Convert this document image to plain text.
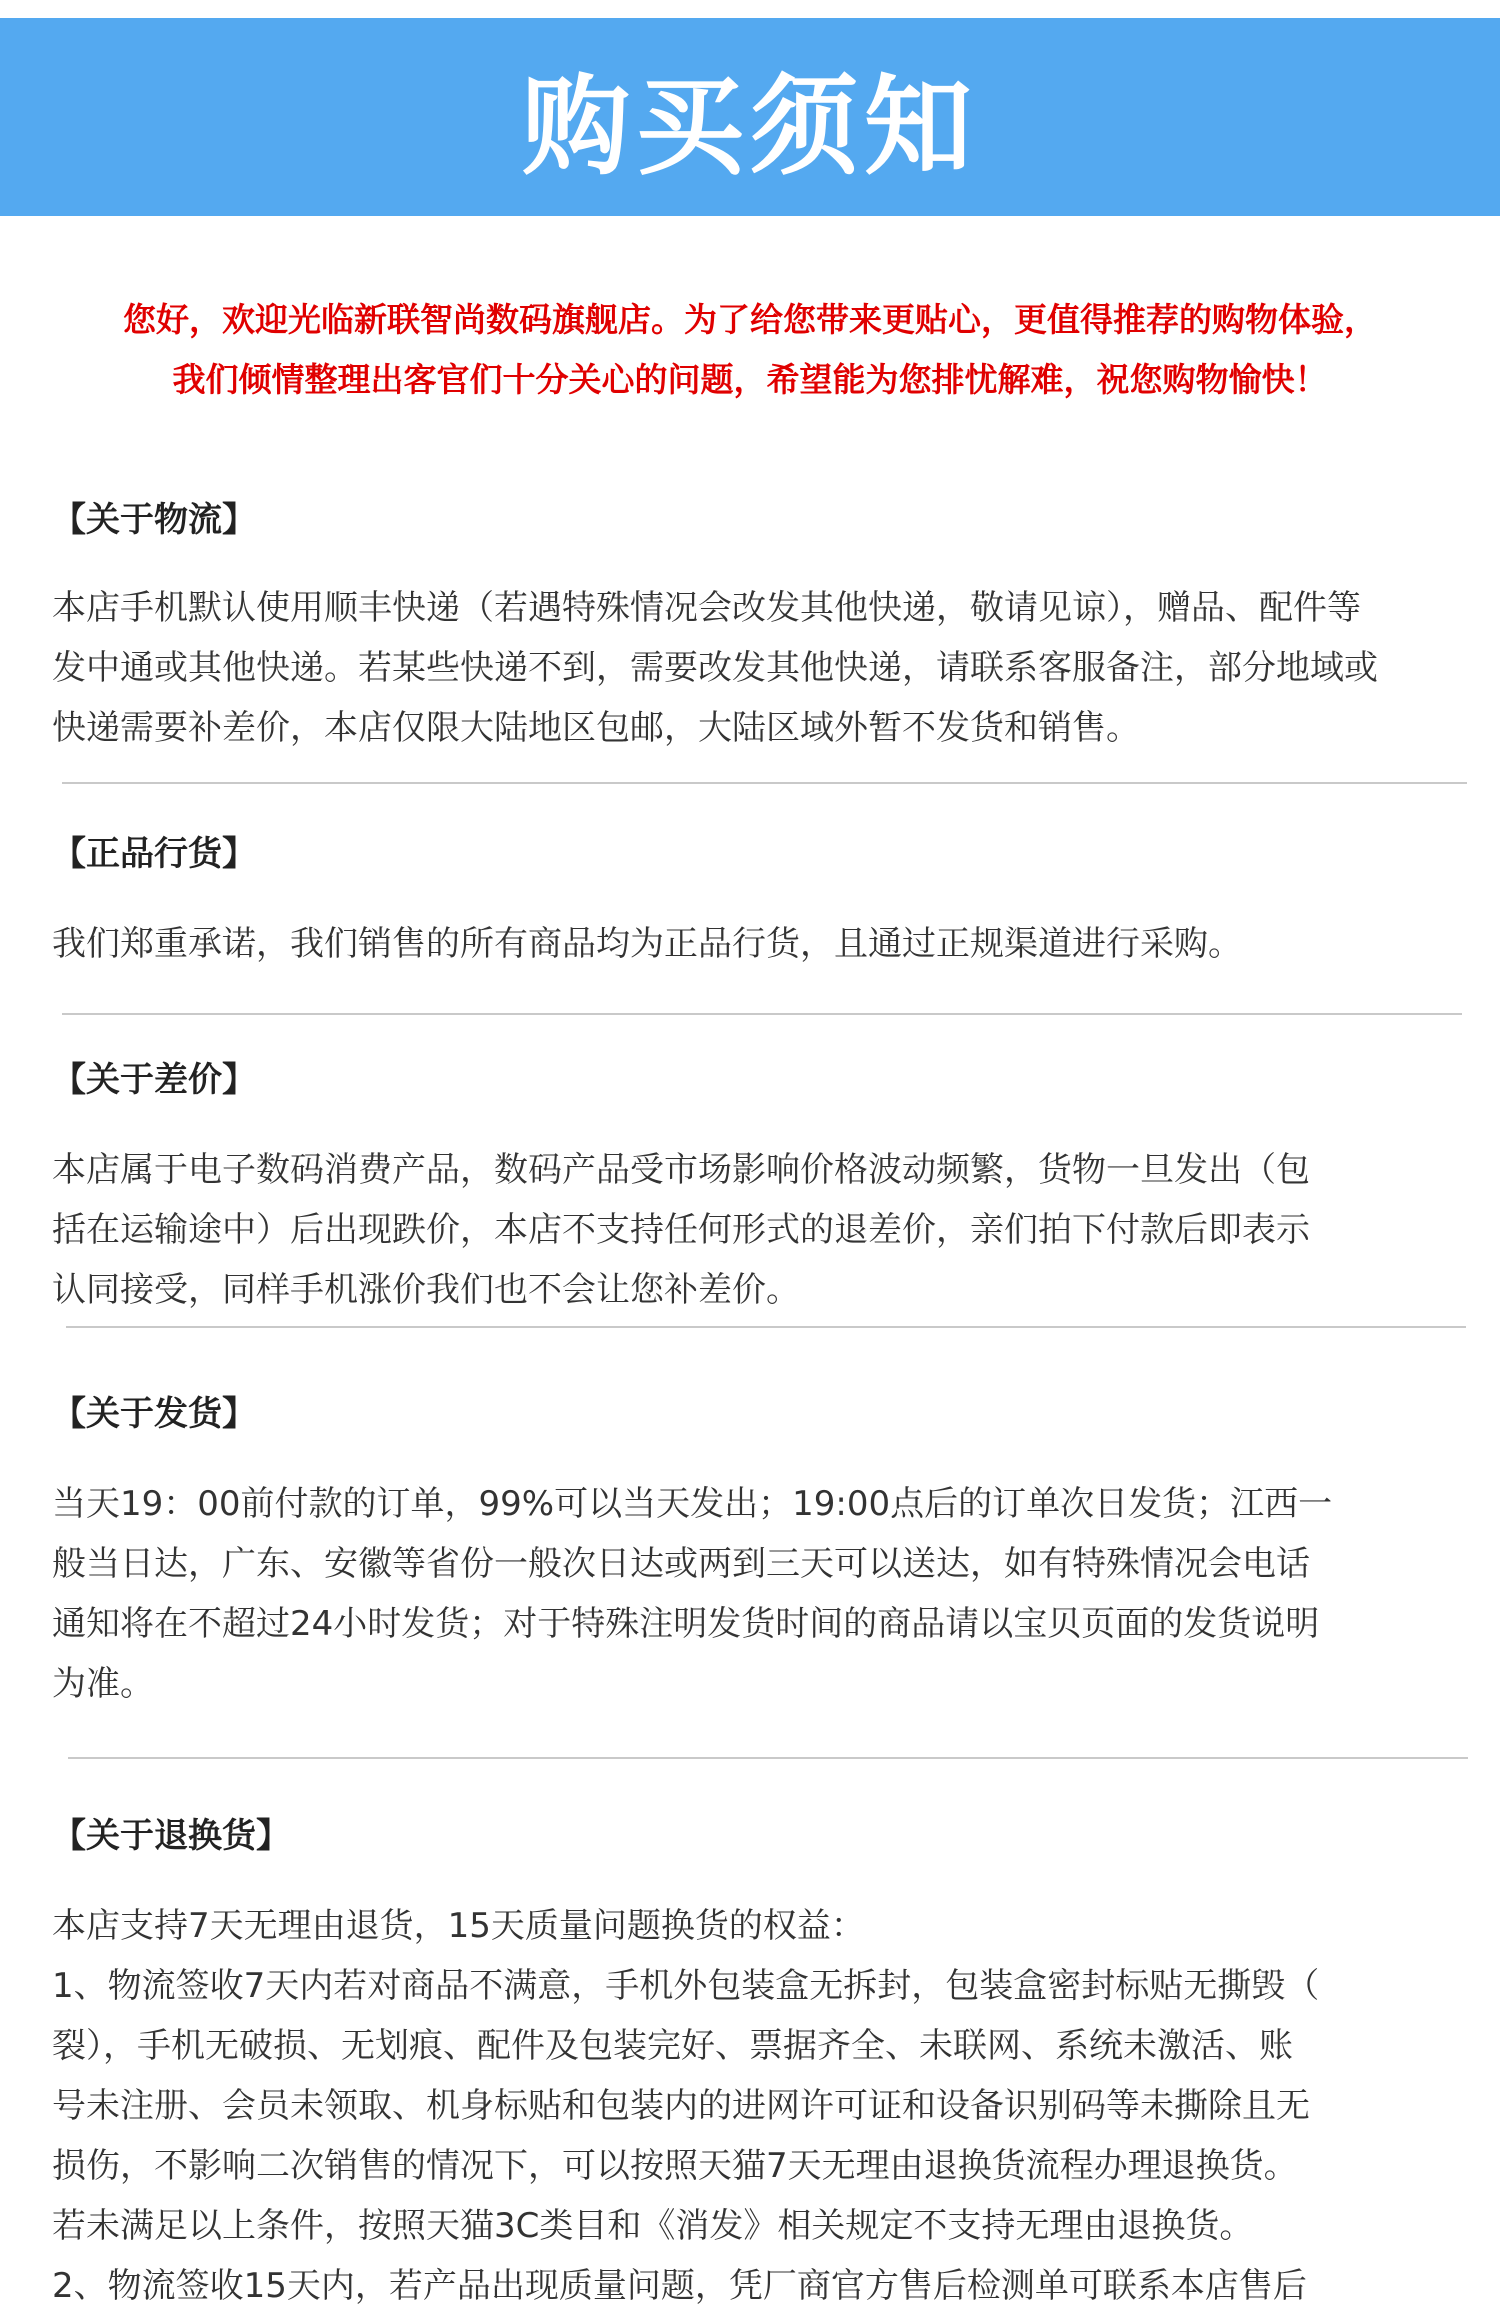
购买须知
您好，欢迎光临新联智尚数码旗舰店。为了给您带来更贴心，更值得推荐的购物体验，
我们倾情整理出客官们十分关心的问题，希望能为您排忧解难，祝您购物愉快！
【关于物流】
本店手机默认使用顺丰快递（若遇特殊情况会改发其他快递，敬请见谅），赠品、配件等
发中通或其他快递。若某些快递不到，需要改发其他快递，请联系客服备注，部分地域或
快递需要补差价，本店仅限大陆地区包邮，大陆区域外暂不发货和销售。
【正品行货】
我们郑重承诺，我们销售的所有商品均为正品行货，且通过正规渠道进行采购。
【关于差价】
本店属于电子数码消费产品，数码产品受市场影响价格波动频繁，货物一旦发出（包
括在运输途中）后出现跌价，本店不支持任何形式的退差价，亲们拍下付款后即表示
认同接受，同样手机涨价我们也不会让您补差价。
【关于发货】
当天19：00前付款的订单，99%可以当天发出；19:00点后的订单次日发货；江西一
般当日达，广东、安徽等省份一般次日达或两到三天可以送达，如有特殊情况会电话
通知将在不超过24小时发货；对于特殊注明发货时间的商品请以宝贝页面的发货说明
为准。
【关于退换货】
本店支持7天无理由退货，15天质量问题换货的权益：
1、物流签收7天内若对商品不满意，手机外包装盒无拆封，包装盒密封标贴无撕毁（
裂），手机无破损、无划痕、配件及包装完好、票据齐全、未联网、系统未激活、账
号未注册、会员未领取、机身标贴和包装内的进网许可证和设备识别码等未撕除且无
损伤，不影响二次销售的情况下，可以按照天猫7天无理由退换货流程办理退换货。
若未满足以上条件，按照天猫3C类目和《消发》相关规定不支持无理由退换货。
2、物流签收15天内，若产品出现质量问题，凭厂商官方售后检测单可联系本店售后
